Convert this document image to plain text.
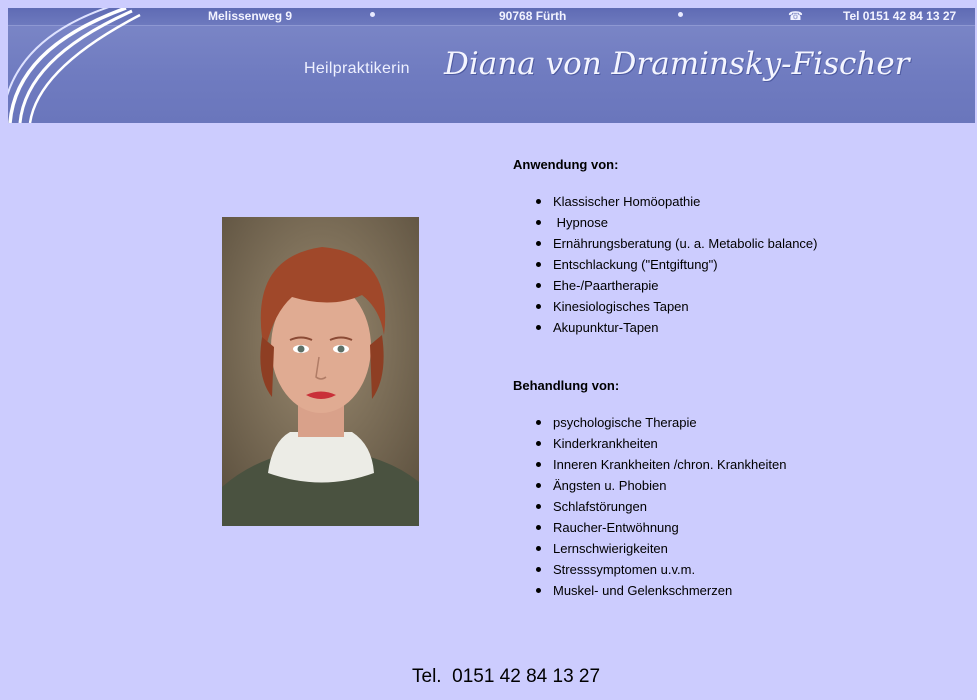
Melissenweg 9	90768 Fürth	☎	Tel 0151 42 84 13 27
Heilpraktikerin Diana von Draminsky-Fischer
Anwendung von:
Klassischer Homöopathie
Hypnose
Ernährungsberatung (u. a. Metabolic balance)
Entschlackung ("Entgiftung")
Ehe-/Paartherapie
Kinesiologisches Tapen
Akupunktur-Tapen
Behandlung von:
psychologische Therapie
Kinderkrankheiten
Inneren Krankheiten /chron. Krankheiten
Ängsten u. Phobien
Schlafstörungen
Raucher-Entwöhnung
Lernschwierigkeiten
Stresssymptomen u.v.m.
Muskel- und Gelenkschmerzen
Tel.  0151 42 84 13 27
